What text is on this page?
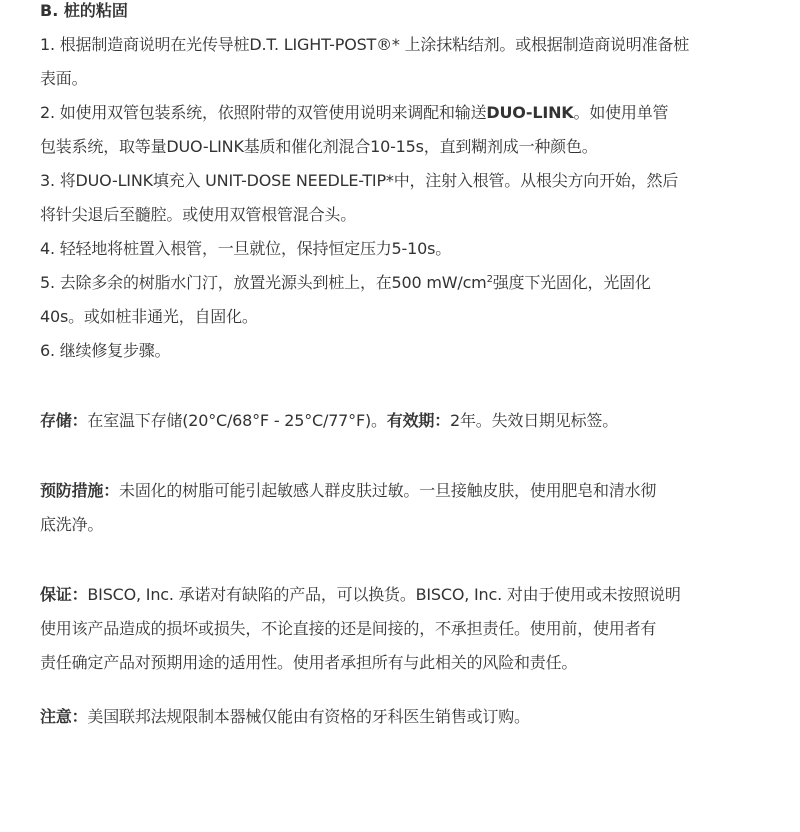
B. 桩的粘固
1. 根据制造商说明在光传导桩D.T. LIGHT-POST®* 上涂抹粘结剂。或根据制造商说明准备桩
表面。
2. 如使用双管包装系统，依照附带的双管使用说明来调配和输送DUO-LINK。如使用单管
包装系统，取等量DUO-LINK基质和催化剂混合10-15s，直到糊剂成一种颜色。
3. 将DUO-LINK填充入 UNIT-DOSE NEEDLE-TIP*中，注射入根管。从根尖方向开始，然后
将针尖退后至髓腔。或使用双管根管混合头。
4. 轻轻地将桩置入根管，一旦就位，保持恒定压力5-10s。
5. 去除多余的树脂水门汀，放置光源头到桩上，在500 $mW/cm^2$强度下光固化，光固化
40s。或如桩非通光，自固化。
6. 继续修复步骤。
存储：在室温下存储(20°C/68°F - 25°C/77°F)。有效期：2年。失效日期见标签。
预防措施：未固化的树脂可能引起敏感人群皮肤过敏。一旦接触皮肤，使用肥皂和清水彻
底洗净。
保证：BISCO, Inc. 承诺对有缺陷的产品，可以换货。BISCO, Inc. 对由于使用或未按照说明
使用该产品造成的损坏或损失，不论直接的还是间接的，不承担责任。使用前，使用者有
责任确定产品对预期用途的适用性。使用者承担所有与此相关的风险和责任。
注意：美国联邦法规限制本器械仅能由有资格的牙科医生销售或订购。
